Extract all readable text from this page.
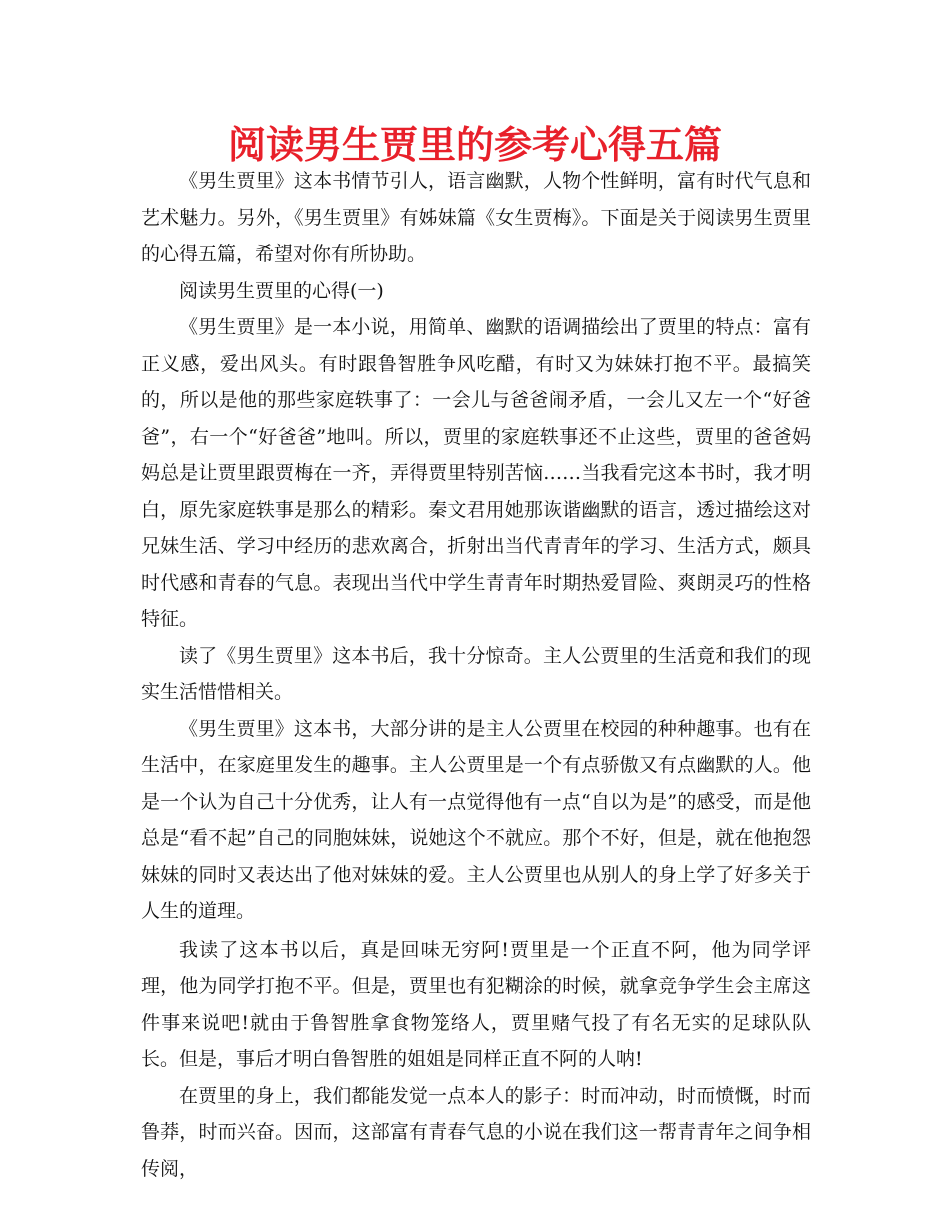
阅读男生贾里的参考心得五篇

《男生贾里》这本书情节引人，语言幽默，人物个性鲜明，富有时代气息和艺术魅力。另外，《男生贾里》有姊妹篇《女生贾梅》。下面是关于阅读男生贾里的心得五篇，希望对你有所协助。

阅读男生贾里的心得(一)

《男生贾里》是一本小说，用简单、幽默的语调描绘出了贾里的特点：富有正义感，爱出风头。有时跟鲁智胜争风吃醋，有时又为妹妹打抱不平。最搞笑的，所以是他的那些家庭轶事了：一会儿与爸爸闹矛盾，一会儿又左一个“好爸爸”，右一个“好爸爸”地叫。所以，贾里的家庭轶事还不止这些，贾里的爸爸妈妈总是让贾里跟贾梅在一齐，弄得贾里特别苦恼……当我看完这本书时，我才明白，原先家庭轶事是那么的精彩。秦文君用她那诙谐幽默的语言，透过描绘这对兄妹生活、学习中经历的悲欢离合，折射出当代青青年的学习、生活方式，颇具时代感和青春的气息。表现出当代中学生青青年时期热爱冒险、爽朗灵巧的性格特征。

读了《男生贾里》这本书后，我十分惊奇。主人公贾里的生活竟和我们的现实生活惜惜相关。

《男生贾里》这本书，大部分讲的是主人公贾里在校园的种种趣事。也有在生活中，在家庭里发生的趣事。主人公贾里是一个有点骄傲又有点幽默的人。他是一个认为自己十分优秀，让人有一点觉得他有一点“自以为是”的感受，而是他总是“看不起”自己的同胞妹妹，说她这个不就应。那个不好，但是，就在他抱怨妹妹的同时又表达出了他对妹妹的爱。主人公贾里也从别人的身上学了好多关于人生的道理。

我读了这本书以后，真是回味无穷阿!贾里是一个正直不阿，他为同学评理，他为同学打抱不平。但是，贾里也有犯糊涂的时候，就拿竞争学生会主席这件事来说吧!就由于鲁智胜拿食物笼络人，贾里赌气投了有名无实的足球队队长。但是，事后才明白鲁智胜的姐姐是同样正直不阿的人呐!

在贾里的身上，我们都能发觉一点本人的影子：时而冲动，时而愤慨，时而鲁莽，时而兴奋。因而，这部富有青春气息的小说在我们这一帮青青年之间争相传阅，
